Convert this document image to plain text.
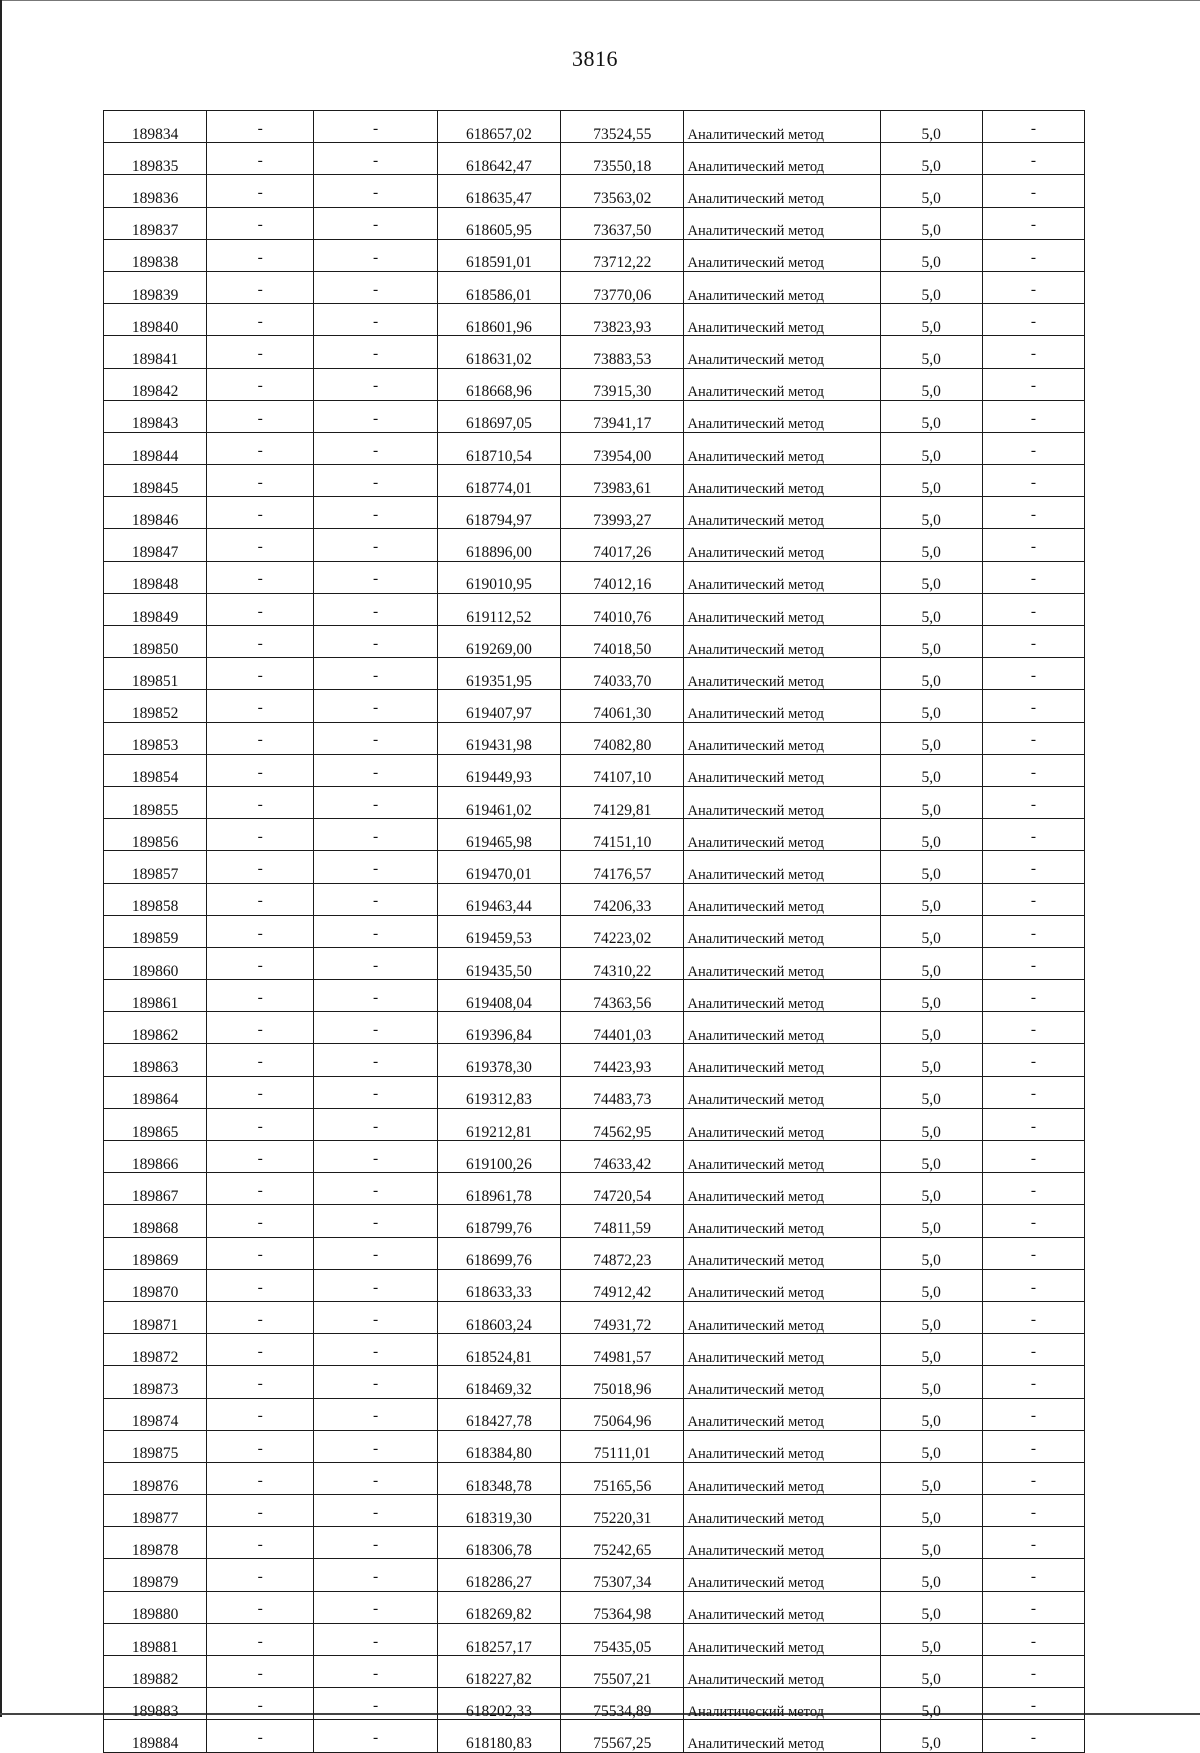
3816
189834	-	-	618657,02	73524,55	Аналитический метод	5,0	-
189835	-	-	618642,47	73550,18	Аналитический метод	5,0	-
189836	-	-	618635,47	73563,02	Аналитический метод	5,0	-
189837	-	-	618605,95	73637,50	Аналитический метод	5,0	-
189838	-	-	618591,01	73712,22	Аналитический метод	5,0	-
189839	-	-	618586,01	73770,06	Аналитический метод	5,0	-
189840	-	-	618601,96	73823,93	Аналитический метод	5,0	-
189841	-	-	618631,02	73883,53	Аналитический метод	5,0	-
189842	-	-	618668,96	73915,30	Аналитический метод	5,0	-
189843	-	-	618697,05	73941,17	Аналитический метод	5,0	-
189844	-	-	618710,54	73954,00	Аналитический метод	5,0	-
189845	-	-	618774,01	73983,61	Аналитический метод	5,0	-
189846	-	-	618794,97	73993,27	Аналитический метод	5,0	-
189847	-	-	618896,00	74017,26	Аналитический метод	5,0	-
189848	-	-	619010,95	74012,16	Аналитический метод	5,0	-
189849	-	-	619112,52	74010,76	Аналитический метод	5,0	-
189850	-	-	619269,00	74018,50	Аналитический метод	5,0	-
189851	-	-	619351,95	74033,70	Аналитический метод	5,0	-
189852	-	-	619407,97	74061,30	Аналитический метод	5,0	-
189853	-	-	619431,98	74082,80	Аналитический метод	5,0	-
189854	-	-	619449,93	74107,10	Аналитический метод	5,0	-
189855	-	-	619461,02	74129,81	Аналитический метод	5,0	-
189856	-	-	619465,98	74151,10	Аналитический метод	5,0	-
189857	-	-	619470,01	74176,57	Аналитический метод	5,0	-
189858	-	-	619463,44	74206,33	Аналитический метод	5,0	-
189859	-	-	619459,53	74223,02	Аналитический метод	5,0	-
189860	-	-	619435,50	74310,22	Аналитический метод	5,0	-
189861	-	-	619408,04	74363,56	Аналитический метод	5,0	-
189862	-	-	619396,84	74401,03	Аналитический метод	5,0	-
189863	-	-	619378,30	74423,93	Аналитический метод	5,0	-
189864	-	-	619312,83	74483,73	Аналитический метод	5,0	-
189865	-	-	619212,81	74562,95	Аналитический метод	5,0	-
189866	-	-	619100,26	74633,42	Аналитический метод	5,0	-
189867	-	-	618961,78	74720,54	Аналитический метод	5,0	-
189868	-	-	618799,76	74811,59	Аналитический метод	5,0	-
189869	-	-	618699,76	74872,23	Аналитический метод	5,0	-
189870	-	-	618633,33	74912,42	Аналитический метод	5,0	-
189871	-	-	618603,24	74931,72	Аналитический метод	5,0	-
189872	-	-	618524,81	74981,57	Аналитический метод	5,0	-
189873	-	-	618469,32	75018,96	Аналитический метод	5,0	-
189874	-	-	618427,78	75064,96	Аналитический метод	5,0	-
189875	-	-	618384,80	75111,01	Аналитический метод	5,0	-
189876	-	-	618348,78	75165,56	Аналитический метод	5,0	-
189877	-	-	618319,30	75220,31	Аналитический метод	5,0	-
189878	-	-	618306,78	75242,65	Аналитический метод	5,0	-
189879	-	-	618286,27	75307,34	Аналитический метод	5,0	-
189880	-	-	618269,82	75364,98	Аналитический метод	5,0	-
189881	-	-	618257,17	75435,05	Аналитический метод	5,0	-
189882	-	-	618227,82	75507,21	Аналитический метод	5,0	-
189883	-	-	618202,33	75534,89	Аналитический метод	5,0	-
189884	-	-	618180,83	75567,25	Аналитический метод	5,0	-
